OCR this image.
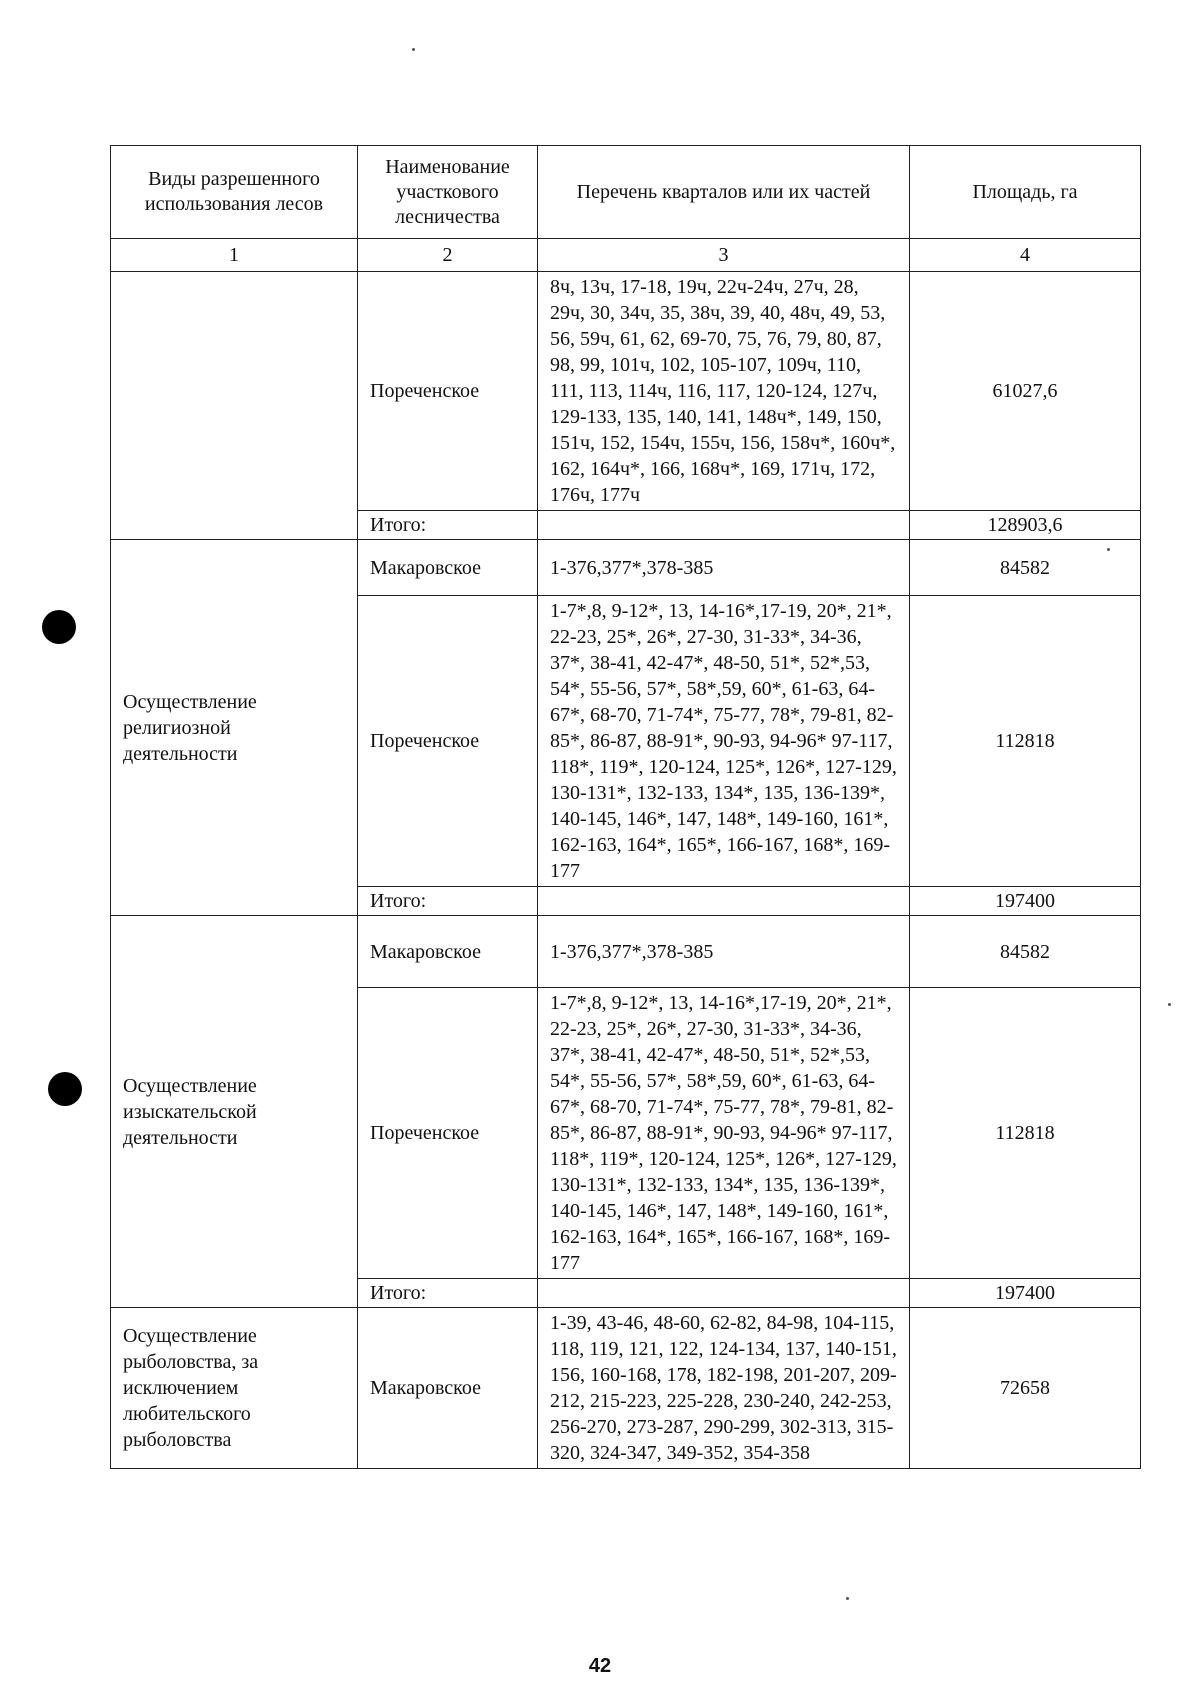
Виды разрешенного использования лесов	Наименование участкового лесничества	Перечень кварталов или их частей	Площадь, га
1	2	3	4
	Пореченское	8ч, 13ч, 17-18, 19ч, 22ч-24ч, 27ч, 28, 29ч, 30, 34ч, 35, 38ч, 39, 40, 48ч, 49, 53, 56, 59ч, 61, 62, 69-70, 75, 76, 79, 80, 87, 98, 99, 101ч, 102, 105-107, 109ч, 110, 111, 113, 114ч, 116, 117, 120-124, 127ч, 129-133, 135, 140, 141, 148ч*, 149, 150, 151ч, 152, 154ч, 155ч, 156, 158ч*, 160ч*, 162, 164ч*, 166, 168ч*, 169, 171ч, 172, 176ч, 177ч	61027,6
	Итого:		128903,6
Осуществление религиозной деятельности	Макаровское	1-376,377*,378-385	84582
	Пореченское	1-7*,8, 9-12*, 13, 14-16*,17-19, 20*, 21*, 22-23, 25*, 26*, 27-30, 31-33*, 34-36, 37*, 38-41, 42-47*, 48-50, 51*, 52*,53, 54*, 55-56, 57*, 58*,59, 60*, 61-63, 64-67*, 68-70, 71-74*, 75-77, 78*, 79-81, 82-85*, 86-87, 88-91*, 90-93, 94-96* 97-117, 118*, 119*, 120-124, 125*, 126*, 127-129, 130-131*, 132-133, 134*, 135, 136-139*, 140-145, 146*, 147, 148*, 149-160, 161*, 162-163, 164*, 165*, 166-167, 168*, 169-177	112818
	Итого:		197400
Осуществление изыскательской деятельности	Макаровское	1-376,377*,378-385	84582
	Пореченское	1-7*,8, 9-12*, 13, 14-16*,17-19, 20*, 21*, 22-23, 25*, 26*, 27-30, 31-33*, 34-36, 37*, 38-41, 42-47*, 48-50, 51*, 52*,53, 54*, 55-56, 57*, 58*,59, 60*, 61-63, 64-67*, 68-70, 71-74*, 75-77, 78*, 79-81, 82-85*, 86-87, 88-91*, 90-93, 94-96* 97-117, 118*, 119*, 120-124, 125*, 126*, 127-129, 130-131*, 132-133, 134*, 135, 136-139*, 140-145, 146*, 147, 148*, 149-160, 161*, 162-163, 164*, 165*, 166-167, 168*, 169-177	112818
	Итого:		197400
Осуществление рыболовства, за исключением любительского рыболовства	Макаровское	1-39, 43-46, 48-60, 62-82, 84-98, 104-115, 118, 119, 121, 122, 124-134, 137, 140-151, 156, 160-168, 178, 182-198, 201-207, 209-212, 215-223, 225-228, 230-240, 242-253, 256-270, 273-287, 290-299, 302-313, 315-320, 324-347, 349-352, 354-358	72658
42
